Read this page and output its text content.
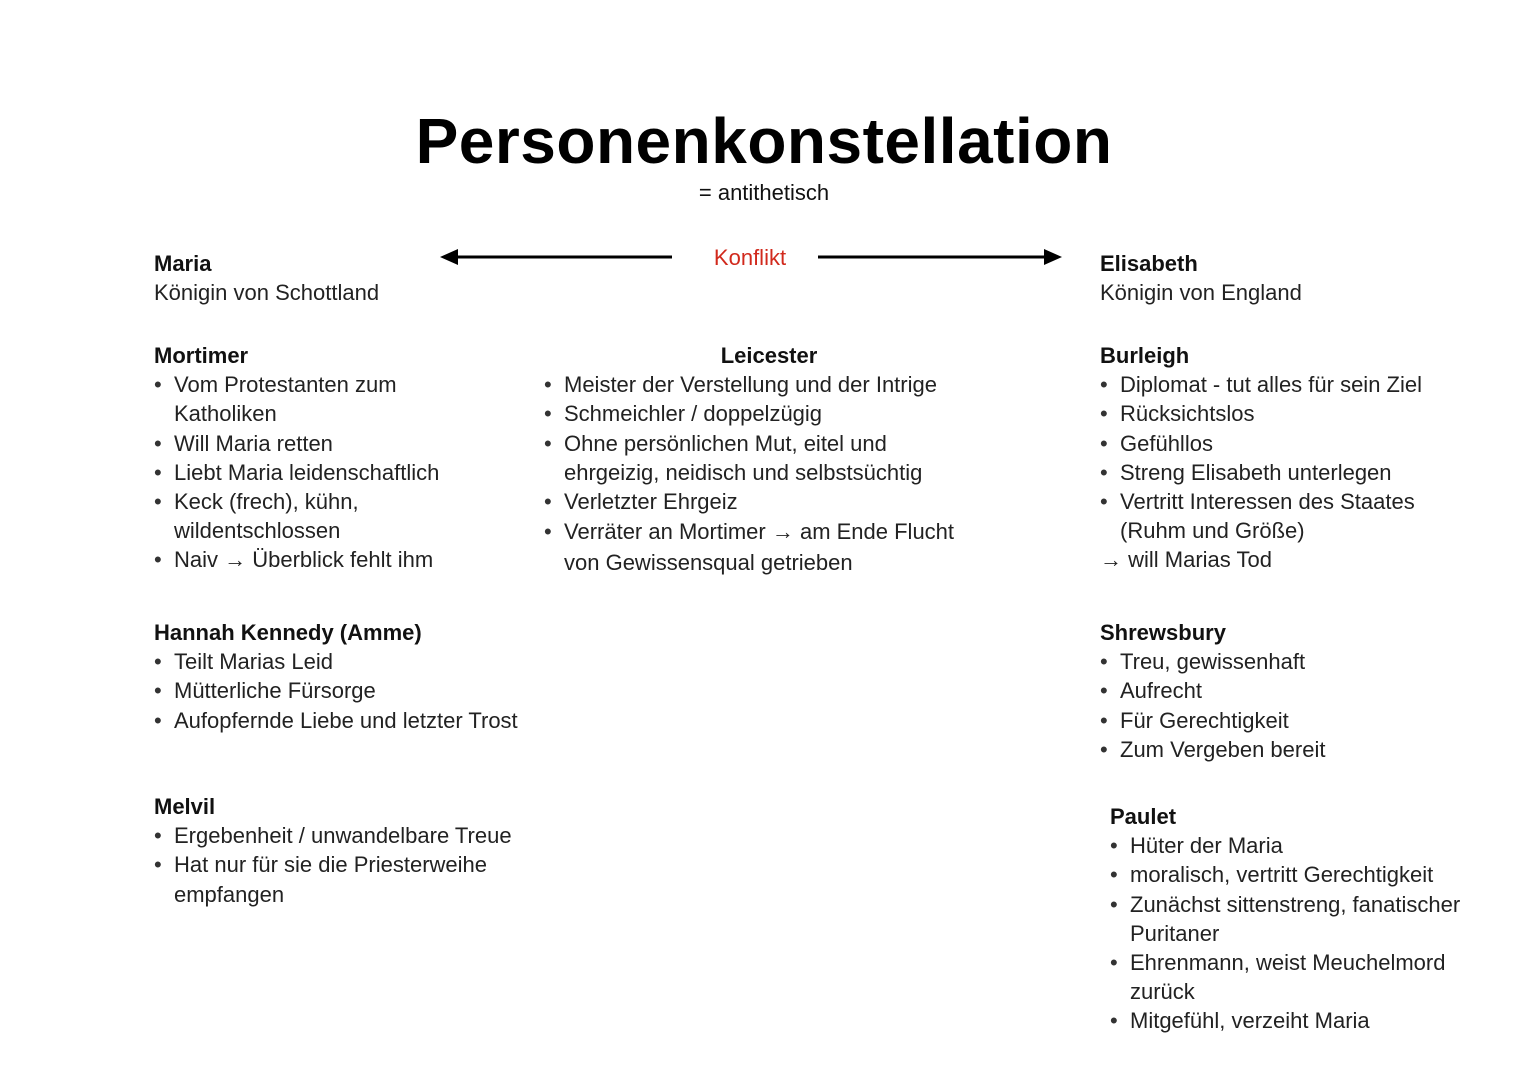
Personenkonstellation
= antithetisch
Konflikt
Maria
Königin von Schottland
Elisabeth
Königin von England
Mortimer
• Vom Protestanten zum Katholiken
• Will Maria retten
• Liebt Maria leidenschaftlich
• Keck (frech), kühn, wildentschlossen
• Naiv → Überblick fehlt ihm
Leicester
• Meister der Verstellung und der Intrige
• Schmeichler / doppelzügig
• Ohne persönlichen Mut, eitel und ehrgeizig, neidisch und selbstsüchtig
• Verletzter Ehrgeiz
• Verräter an Mortimer → am Ende Flucht von Gewissensqual getrieben
Burleigh
• Diplomat - tut alles für sein Ziel
• Rücksichtslos
• Gefühllos
• Streng Elisabeth unterlegen
• Vertritt Interessen des Staates (Ruhm und Größe)
→ will Marias Tod
Hannah Kennedy (Amme)
• Teilt Marias Leid
• Mütterliche Fürsorge
• Aufopfernde Liebe und letzter Trost
Shrewsbury
• Treu, gewissenhaft
• Aufrecht
• Für Gerechtigkeit
• Zum Vergeben bereit
Melvil
• Ergebenheit / unwandelbare Treue
• Hat nur für sie die Priesterweihe empfangen
Paulet
• Hüter der Maria
• moralisch, vertritt Gerechtigkeit
• Zunächst sittenstreng, fanatischer Puritaner
• Ehrenmann, weist Meuchelmord zurück
• Mitgefühl, verzeiht Maria
